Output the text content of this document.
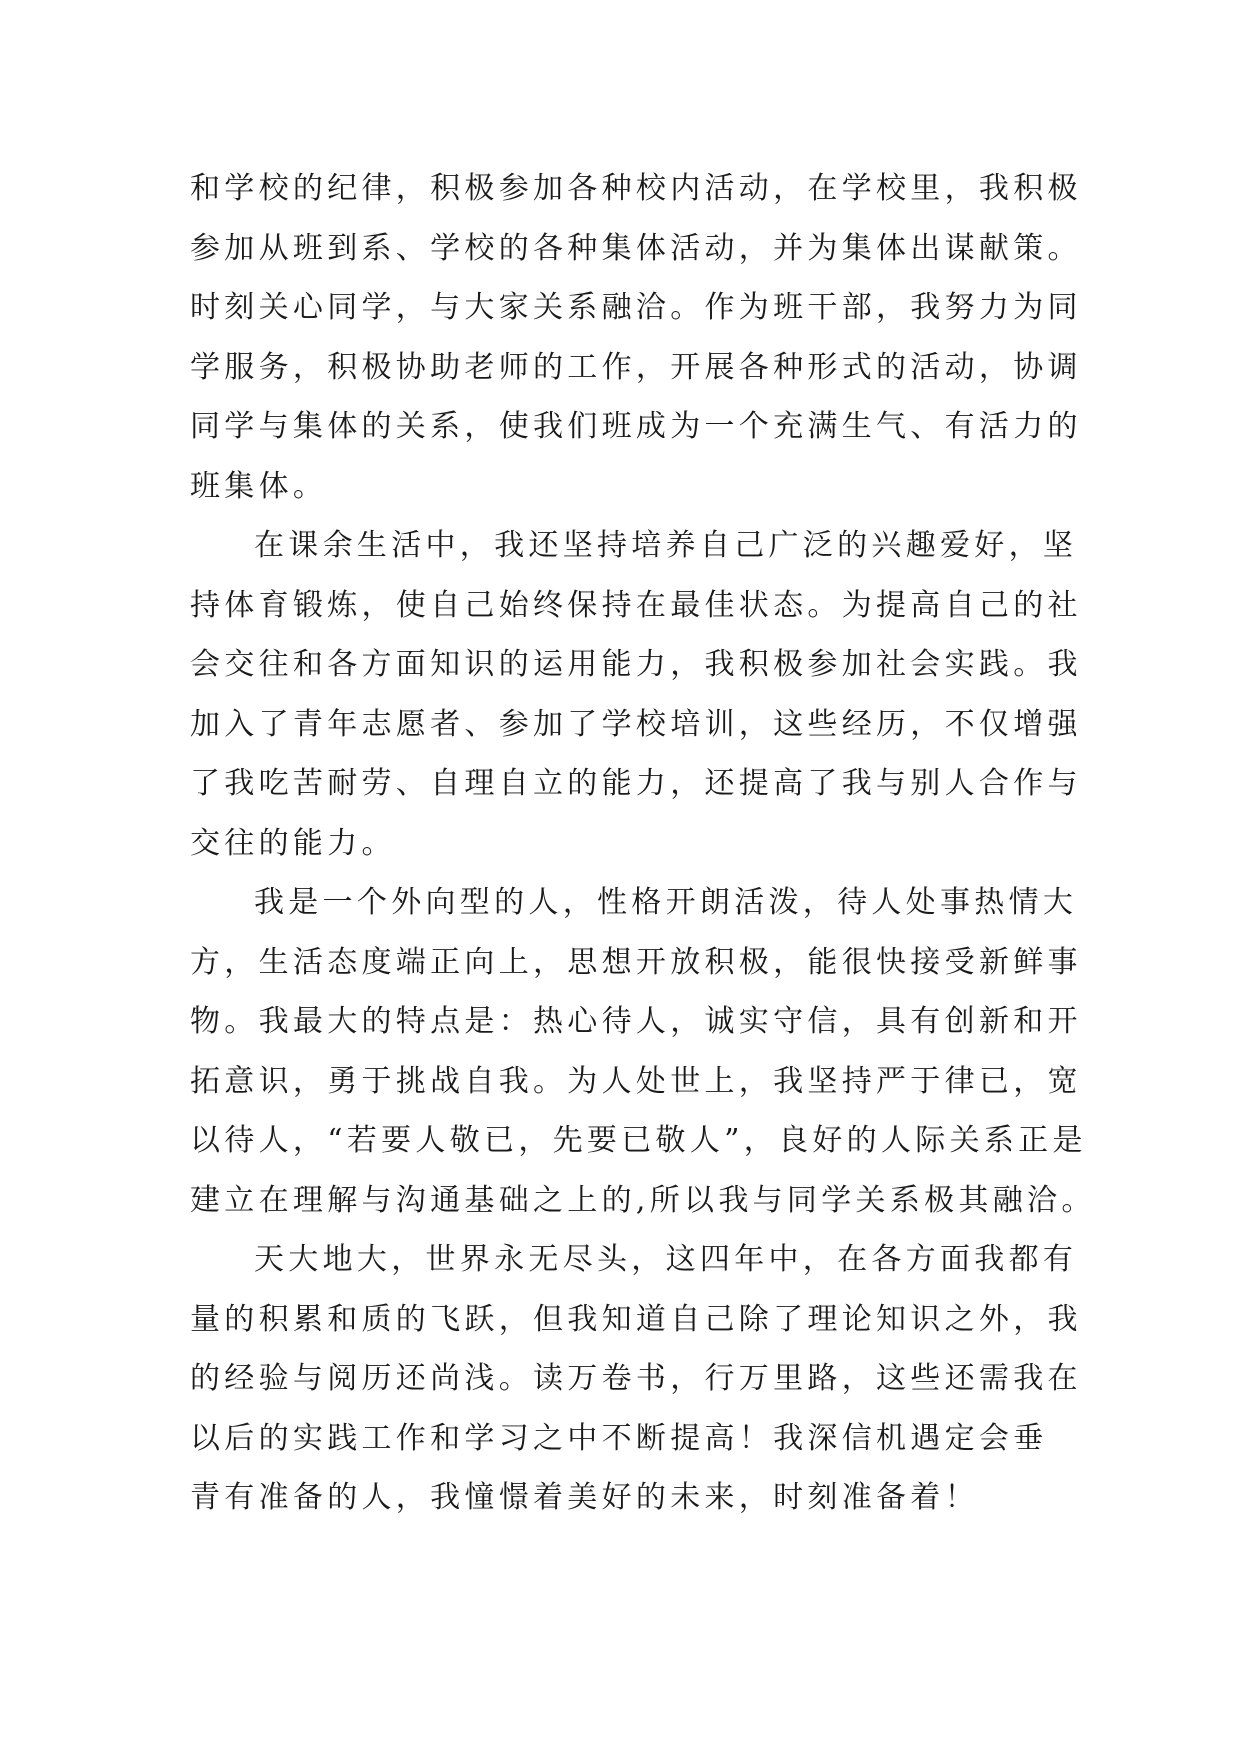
和学校的纪律，积极参加各种校内活动，在学校里，我积极
参加从班到系、学校的各种集体活动，并为集体出谋献策。
时刻关心同学，与大家关系融洽。作为班干部，我努力为同
学服务，积极协助老师的工作，开展各种形式的活动，协调
同学与集体的关系，使我们班成为一个充满生气、有活力的
班集体。

在课余生活中，我还坚持培养自己广泛的兴趣爱好，坚
持体育锻炼，使自己始终保持在最佳状态。为提高自己的社
会交往和各方面知识的运用能力，我积极参加社会实践。我
加入了青年志愿者、参加了学校培训，这些经历，不仅增强
了我吃苦耐劳、自理自立的能力，还提高了我与别人合作与
交往的能力。

我是一个外向型的人，性格开朗活泼，待人处事热情大
方，生活态度端正向上，思想开放积极，能很快接受新鲜事
物。我最大的特点是：热心待人，诚实守信，具有创新和开
拓意识，勇于挑战自我。为人处世上，我坚持严于律已，宽
以待人，“若要人敬已，先要已敬人”，良好的人际关系正是
建立在理解与沟通基础之上的,所以我与同学关系极其融洽。

天大地大，世界永无尽头，这四年中，在各方面我都有
量的积累和质的飞跃，但我知道自己除了理论知识之外，我
的经验与阅历还尚浅。读万卷书，行万里路，这些还需我在
以后的实践工作和学习之中不断提高！我深信机遇定会垂
青有准备的人，我憧憬着美好的未来，时刻准备着！
